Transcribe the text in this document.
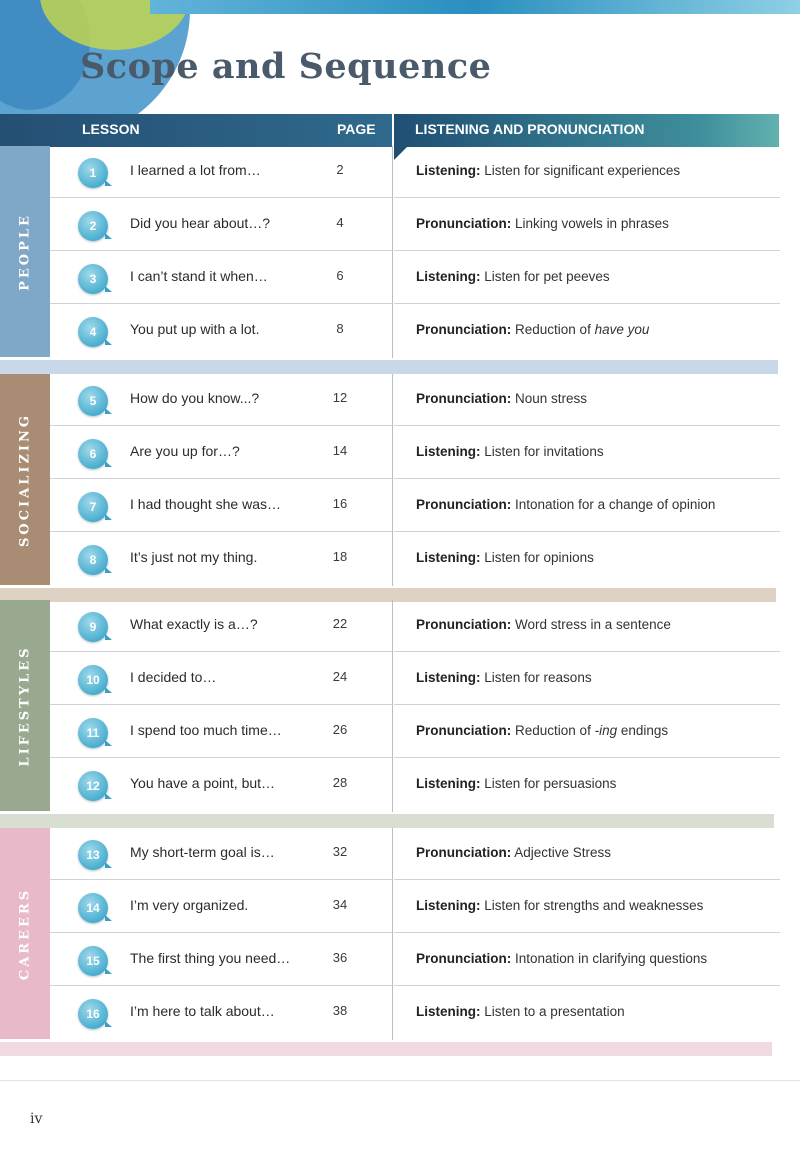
Scope and Sequence
LESSON	PAGE	LISTENING AND PRONUNCIATION
PEOPLE
1	I learned a lot from…	2	Listening: Listen for significant experiences
2	Did you hear about…?	4	Pronunciation: Linking vowels in phrases
3	I can’t stand it when…	6	Listening: Listen for pet peeves
4	You put up with a lot.	8	Pronunciation: Reduction of have you
SOCIALIZING
5	How do you know...?	12	Pronunciation: Noun stress
6	Are you up for…?	14	Listening: Listen for invitations
7	I had thought she was…	16	Pronunciation: Intonation for a change of opinion
8	It’s just not my thing.	18	Listening: Listen for opinions
LIFESTYLES
9	What exactly is a…?	22	Pronunciation: Word stress in a sentence
10	I decided to…	24	Listening: Listen for reasons
11	I spend too much time…	26	Pronunciation: Reduction of -ing endings
12	You have a point, but…	28	Listening: Listen for persuasions
CAREERS
13	My short-term goal is…	32	Pronunciation: Adjective Stress
14	I’m very organized.	34	Listening: Listen for strengths and weaknesses
15	The first thing you need…	36	Pronunciation: Intonation in clarifying questions
16	I’m here to talk about…	38	Listening: Listen to a presentation
iv
